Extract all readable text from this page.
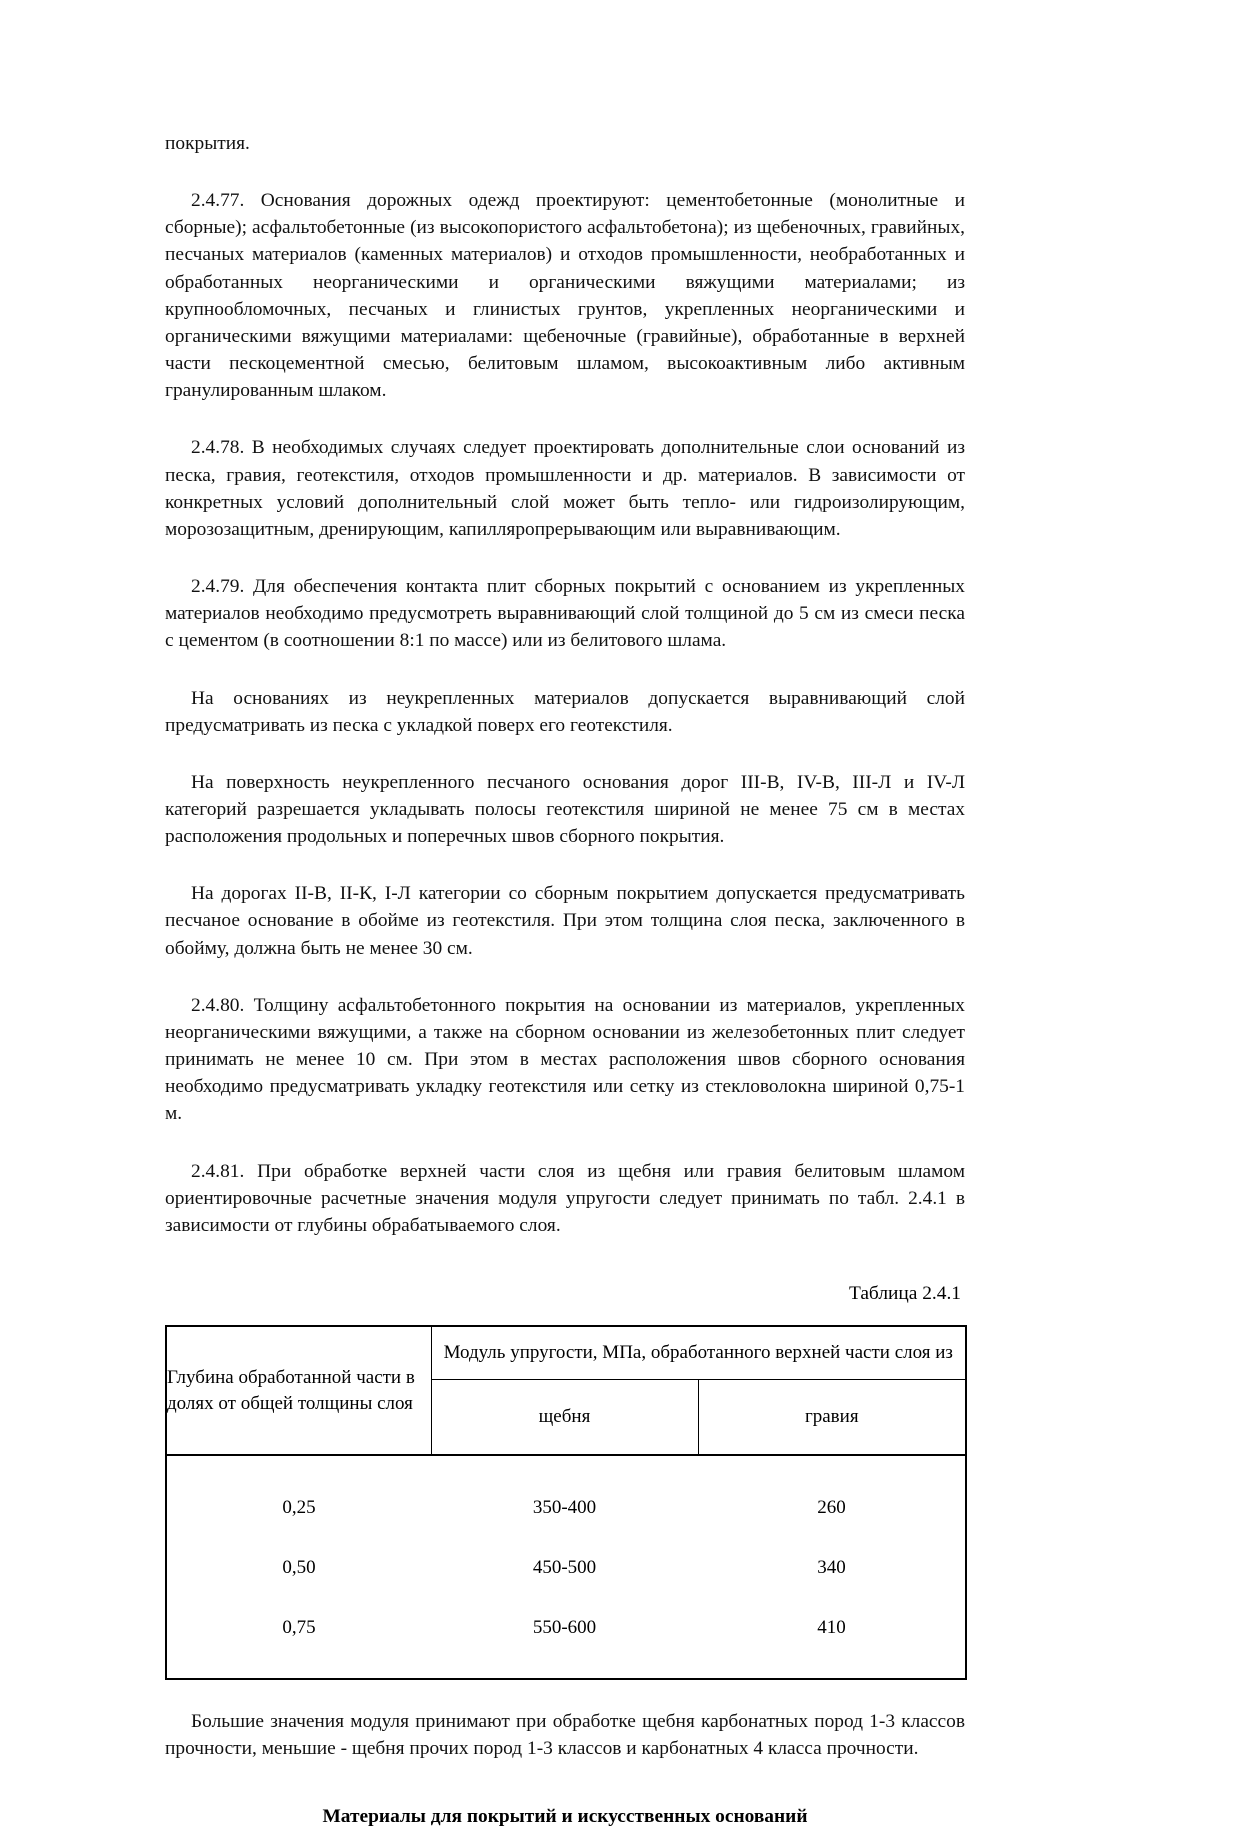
покрытия.

2.4.77. Основания дорожных одежд проектируют: цементобетонные (монолитные и сборные); асфальтобетонные (из высокопористого асфальтобетона); из щебеночных, гравийных, песчаных материалов (каменных материалов) и отходов промышленности, необработанных и обработанных неорганическими и органическими вяжущими материалами; из крупнообломочных, песчаных и глинистых грунтов, укрепленных неорганическими и органическими вяжущими материалами: щебеночные (гравийные), обработанные в верхней части пескоцементной смесью, белитовым шламом, высокоактивным либо активным гранулированным шлаком.

2.4.78. В необходимых случаях следует проектировать дополнительные слои оснований из песка, гравия, геотекстиля, отходов промышленности и др. материалов. В зависимости от конкретных условий дополнительный слой может быть тепло- или гидроизолирующим, морозозащитным, дренирующим, капилляропрерывающим или выравнивающим.

2.4.79. Для обеспечения контакта плит сборных покрытий с основанием из укрепленных материалов необходимо предусмотреть выравнивающий слой толщиной до 5 см из смеси песка с цементом (в соотношении 8:1 по массе) или из белитового шлама.

На основаниях из неукрепленных материалов допускается выравнивающий слой предусматривать из песка с укладкой поверх его геотекстиля.

На поверхность неукрепленного песчаного основания дорог III-В, IV-В, III-Л и IV-Л категорий разрешается укладывать полосы геотекстиля шириной не менее 75 см в местах расположения продольных и поперечных швов сборного покрытия.

На дорогах II-В, II-К, I-Л категории со сборным покрытием допускается предусматривать песчаное основание в обойме из геотекстиля. При этом толщина слоя песка, заключенного в обойму, должна быть не менее 30 см.

2.4.80. Толщину асфальтобетонного покрытия на основании из материалов, укрепленных неорганическими вяжущими, а также на сборном основании из железобетонных плит следует принимать не менее 10 см. При этом в местах расположения швов сборного основания необходимо предусматривать укладку геотекстиля или сетку из стекловолокна шириной 0,75-1 м.

2.4.81. При обработке верхней части слоя из щебня или гравия белитовым шламом ориентировочные расчетные значения модуля упругости следует принимать по табл. 2.4.1 в зависимости от глубины обрабатываемого слоя.

Таблица 2.4.1
Глубина обработанной части в долях от общей толщины слоя	Модуль упругости, МПа, обработанного верхней части слоя из	
	щебня	гравия
0,25	350-400	260
0,50	450-500	340
0,75	550-600	410

Большие значения модуля принимают при обработке щебня карбонатных пород 1-3 классов прочности, меньшие - щебня прочих пород 1-3 классов и карбонатных 4 класса прочности.

Материалы для покрытий и искусственных оснований
